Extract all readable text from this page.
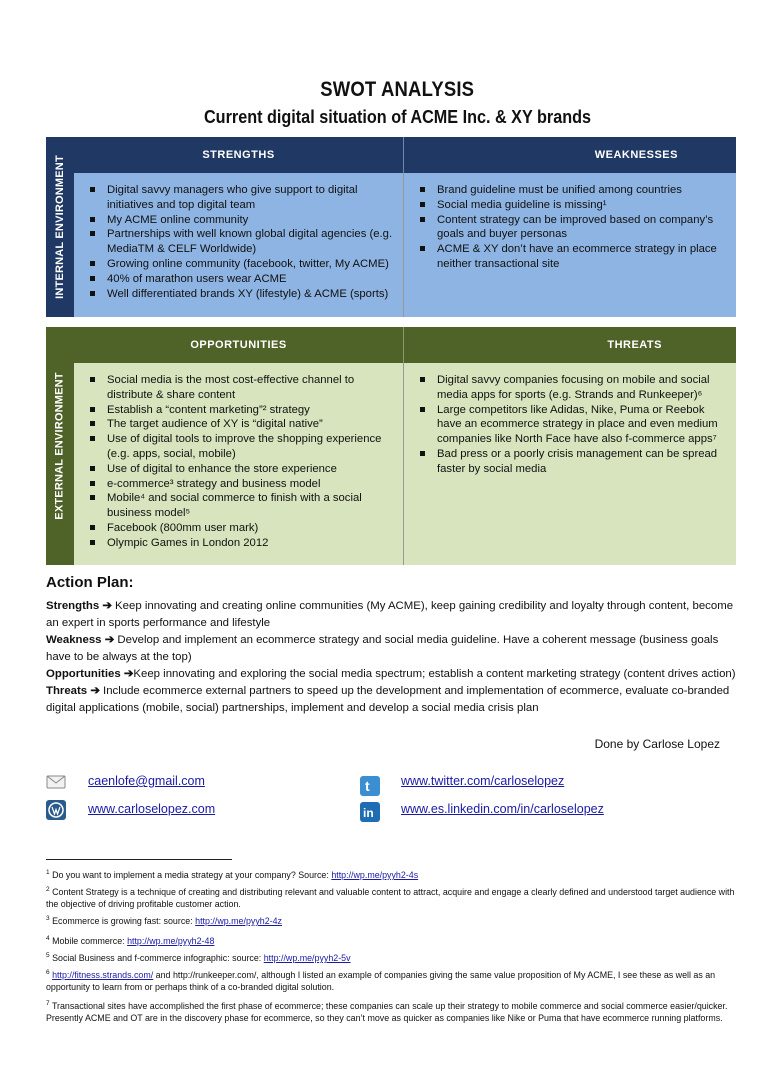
SWOT ANALYSIS
Current digital situation of ACME Inc. & XY brands
INTERNAL ENVIRONMENT
STRENGTHS
Digital savvy managers who give support to digital initiatives and top digital team
My ACME online community
Partnerships with well known global digital agencies (e.g. MediaTM & CELF Worldwide)
Growing online community (facebook, twitter, My ACME)
40% of marathon users wear ACME
Well differentiated brands XY (lifestyle) & ACME (sports)
WEAKNESSES
Brand guideline must be unified among countries
Social media guideline is missing¹
Content strategy can be improved based on company’s goals and buyer personas
ACME & XY don’t have an ecommerce strategy in place neither transactional site
EXTERNAL ENVIRONMENT
OPPORTUNITIES
Social media is the most cost-effective channel to distribute & share content
Establish a “content marketing”² strategy
The target audience of XY is “digital native”
Use of digital tools to improve the shopping experience (e.g. apps, social, mobile)
Use of digital to enhance the store experience
e-commerce³ strategy and business model
Mobile⁴ and social commerce to finish with a social business model⁵
Facebook (800mm user mark)
Olympic Games in London 2012
THREATS
Digital savvy companies focusing on mobile and social media apps for sports (e.g. Strands and Runkeeper)⁶
Large competitors like Adidas, Nike, Puma or Reebok have an ecommerce strategy in place and even medium companies like North Face have also f-commerce apps⁷
Bad press or a poorly crisis management can be spread faster by social media
Action Plan:
Strengths ➔ Keep innovating and creating online communities (My ACME), keep gaining credibility and loyalty through content, become an expert in sports performance and lifestyle
Weakness ➔ Develop and implement an ecommerce strategy and social media guideline. Have a coherent message (business goals have to be always at the top)
Opportunities ➔Keep innovating and exploring the social media spectrum; establish a content marketing strategy (content drives action)
Threats ➔ Include ecommerce external partners to speed up the development and implementation of ecommerce, evaluate co-branded digital applications (mobile, social) partnerships, implement and develop a social media crisis plan
Done by Carlose Lopez
caenlofe@gmail.com
www.carloselopez.com
t	www.twitter.com/carloselopez
in www.es.linkedin.com/in/carloselopez
$^1$ Do you want to implement a media strategy at your company? Source: http://wp.me/pyyh2-4s
$^2$ Content Strategy is a technique of creating and distributing relevant and valuable content to attract, acquire and engage a clearly defined and understood target audience with the objective of driving profitable customer action.
$^3$ Ecommerce is growing fast: source: http://wp.me/pyyh2-4z
$^4$ Mobile commerce: http://wp.me/pyyh2-48
$^5$ Social Business and f-commerce infographic: source: http://wp.me/pyyh2-5v
$^6$ http://fitness.strands.com/ and http://runkeeper.com/, although I listed an example of companies giving the same value proposition of My ACME, I see these as well as an opportunity to learn from or perhaps think of a co-branded digital solution.
$^7$ Transactional sites have accomplished the first phase of ecommerce; these companies can scale up their strategy to mobile commerce and social commerce easier/quicker. Presently ACME and OT are in the discovery phase for ecommerce, so they can’t move as quicker as companies like Nike or Puma that have ecommerce running platforms.
